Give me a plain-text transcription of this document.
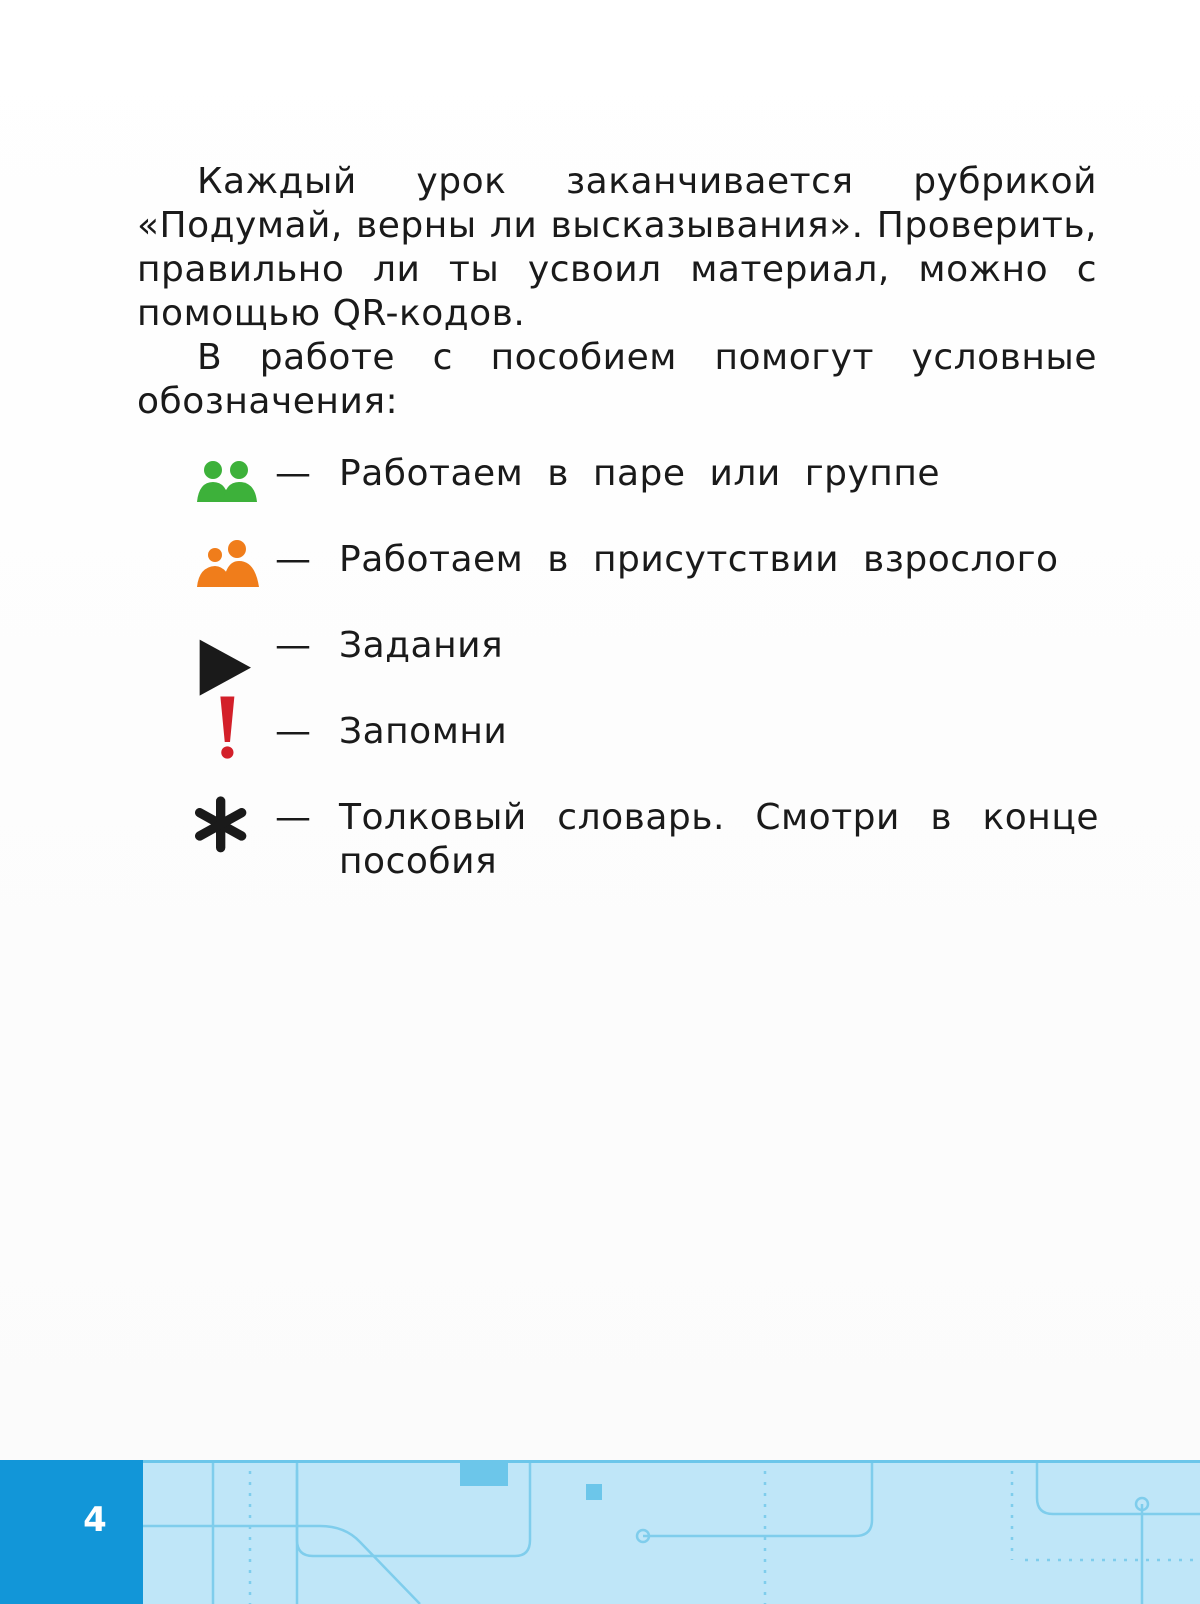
Каждый урок заканчивается рубрикой «Подумай, верны ли высказывания». Проверить, правильно ли ты усвоил материал, можно с помощью QR-кодов.

В работе с пособием помогут условные обозначения:

— Работаем в паре или группе
— Работаем в присутствии взрослого
— Задания
— Запомни
— Толковый словарь. Смотри в конце пособия
4
